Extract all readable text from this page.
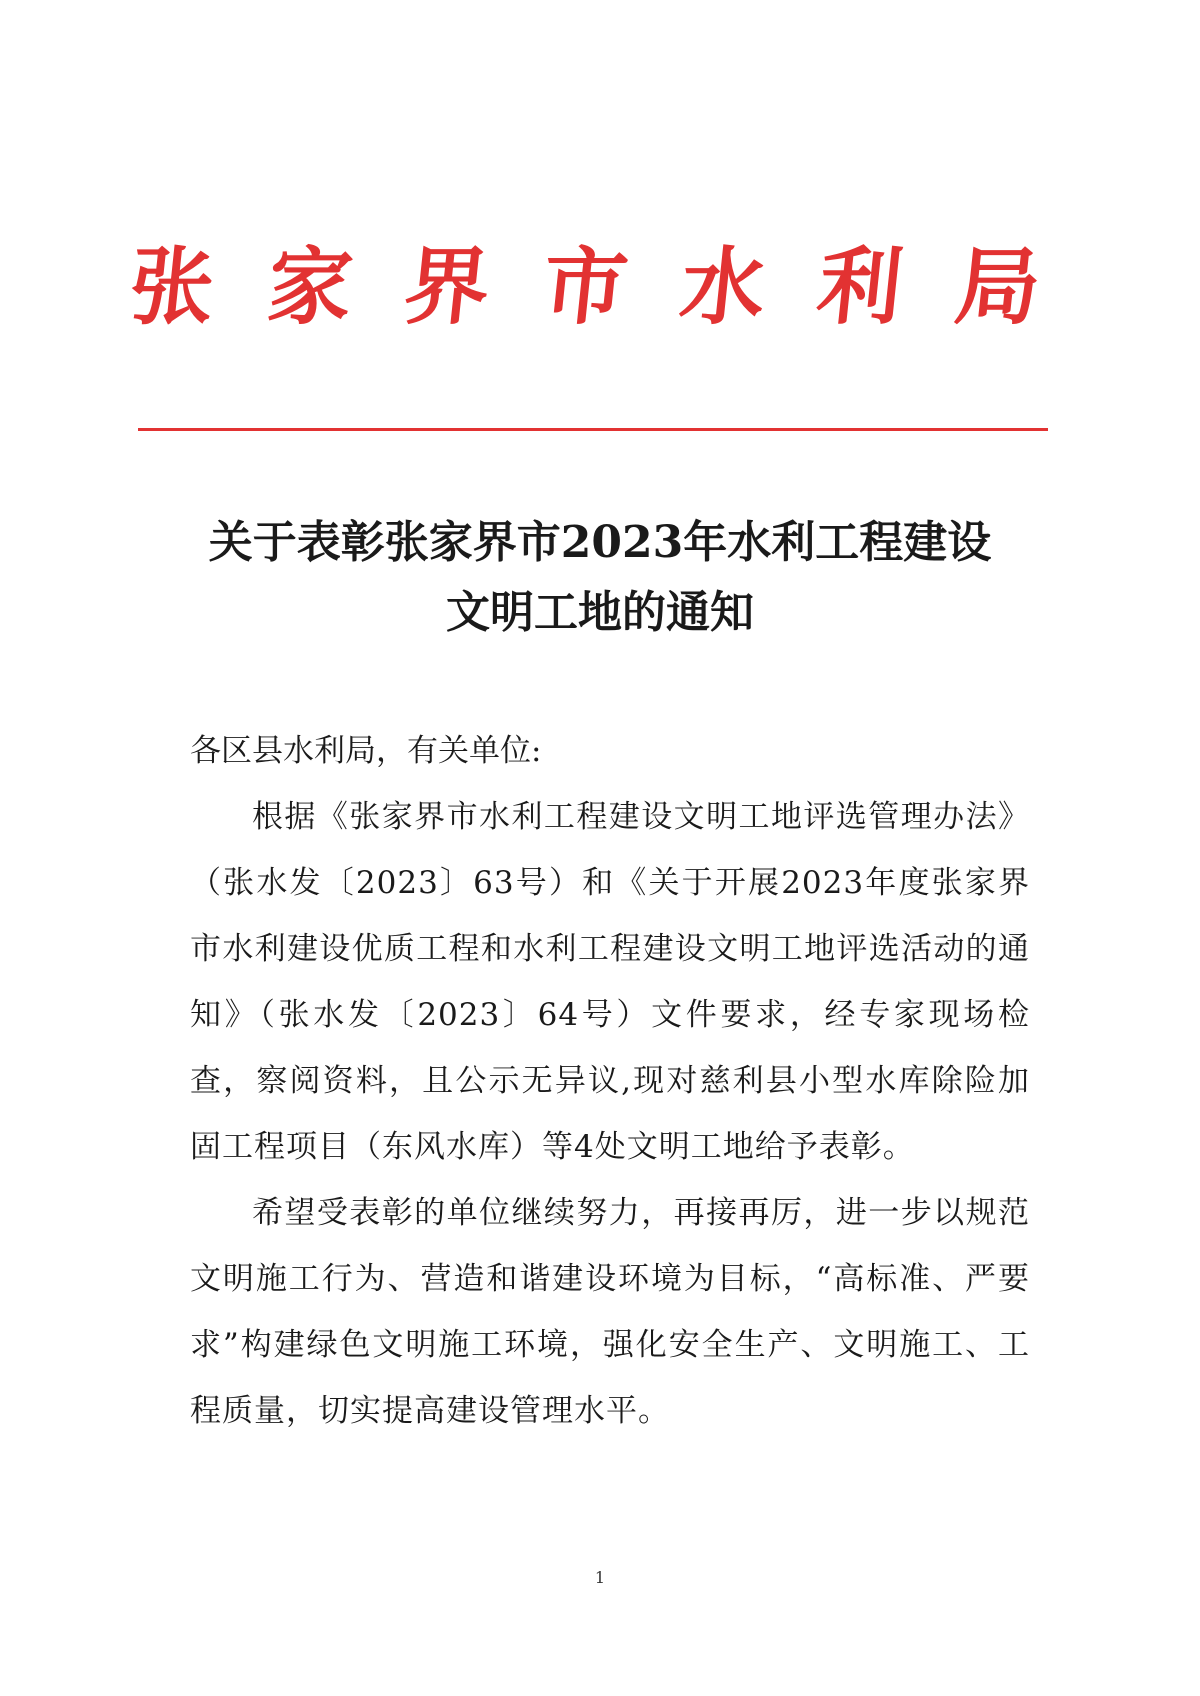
张 家 界 市 水 利 局
关于表彰张家界市2023年水利工程建设
文明工地的通知

各区县水利局，有关单位:

根据《张家界市水利工程建设文明工地评选管理办法》（张水发〔2023〕63号）和《关于开展2023年度张家界市水利建设优质工程和水利工程建设文明工地评选活动的通知》（张水发〔2023〕64号）文件要求，经专家现场检查，察阅资料，且公示无异议,现对慈利县小型水库除险加固工程项目（东风水库）等4处文明工地给予表彰。

希望受表彰的单位继续努力，再接再厉，进一步以规范文明施工行为、营造和谐建设环境为目标，“高标准、严要求”构建绿色文明施工环境，强化安全生产、文明施工、工程质量，切实提高建设管理水平。

1
